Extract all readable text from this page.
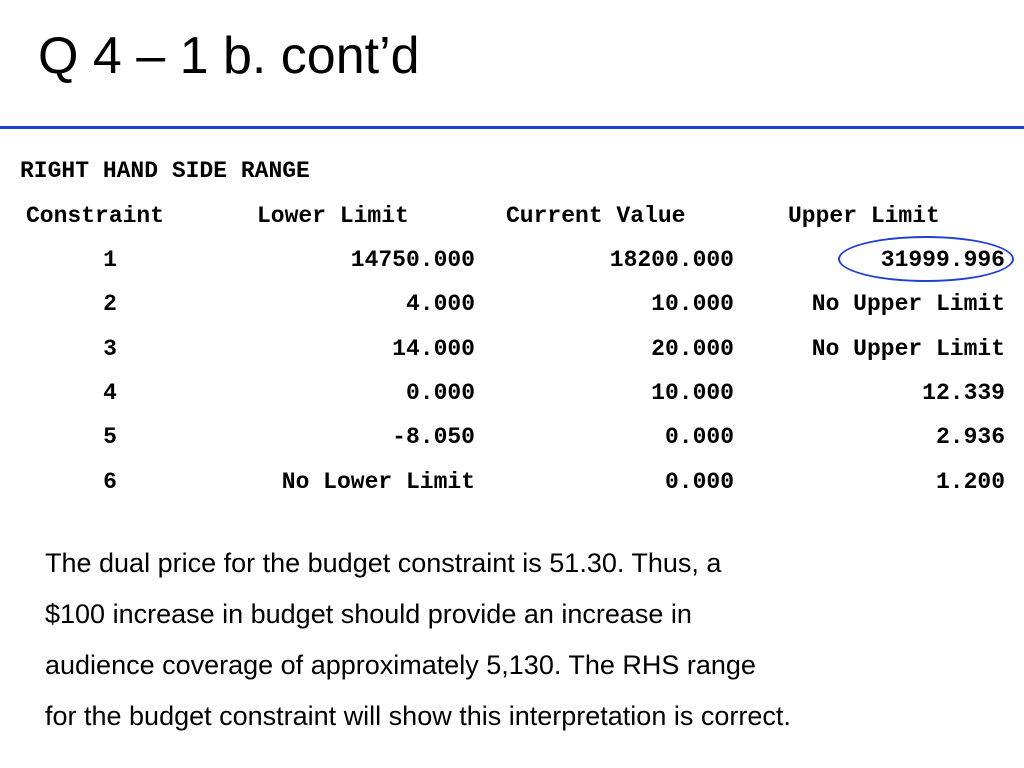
Q 4 – 1 b. cont’d
RIGHT HAND SIDE RANGE
Constraint	Lower Limit	Current Value	Upper Limit
1	14750.000	18200.000	31999.996
2	4.000	10.000	No Upper Limit
3	14.000	20.000	No Upper Limit
4	0.000	10.000	12.339
5	-8.050	0.000	2.936
6	No Lower Limit	0.000	1.200
The dual price for the budget constraint is 51.30. Thus, a
$100 increase in budget should provide an increase in
audience coverage of approximately 5,130. The RHS range
for the budget constraint will show this interpretation is correct.
